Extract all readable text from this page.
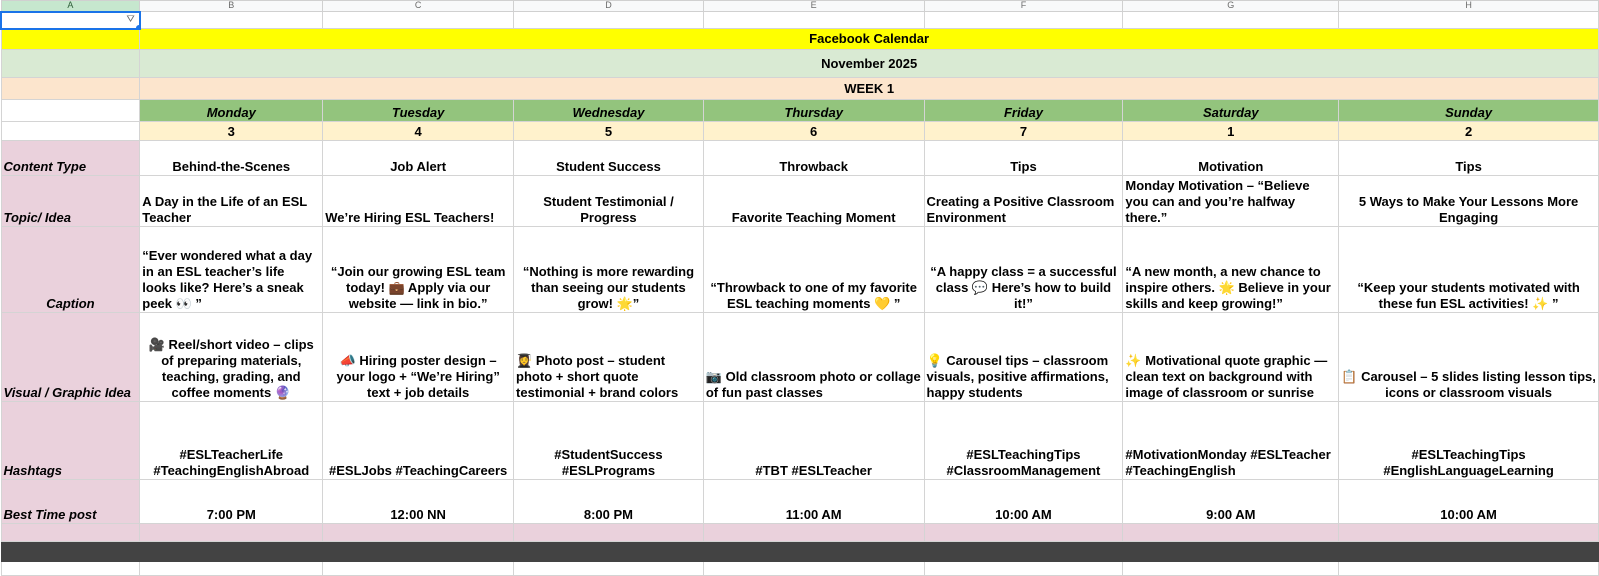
A	B	C	D	E	F	G	H

⛛							

	Facebook Calendar						
	November 2025						
	WEEK 1						
	Monday	Tuesday	Wednesday	Thursday	Friday	Saturday	Sunday
	3	4	5	6	7	1	2
Content Type	Behind-the-Scenes	Job Alert	Student Success	Throwback	Tips	Motivation	Tips
Topic/ Idea	A Day in the Life of an ESL Teacher	We’re Hiring ESL Teachers!	Student Testimonial / Progress	Favorite Teaching Moment	Creating a Positive Classroom Environment	Monday Motivation – “Believe you can and you’re halfway there.”	5 Ways to Make Your Lessons More Engaging
Caption	“Ever wondered what a day in an ESL teacher’s life looks like? Here’s a sneak peek 👀 ”	“Join our growing ESL team today! 💼 Apply via our website — link in bio.”	“Nothing is more rewarding than seeing our students grow! 🌟”	“Throwback to one of my favorite ESL teaching moments 💛 ”	“A happy class = a successful class 💬 Here’s how to build it!”	“A new month, a new chance to inspire others. 🌟 Believe in your skills and keep growing!”	“Keep your students motivated with these fun ESL activities! ✨ ”
Visual / Graphic Idea	🎥 Reel/short video – clips of preparing materials, teaching, grading, and coffee moments 🔮	📣 Hiring poster design – your logo + “We’re Hiring” text + job details	👩‍🎓 Photo post – student photo + short quote testimonial + brand colors	📷 Old classroom photo or collage of fun past classes	💡 Carousel tips – classroom visuals, positive affirmations, happy students	✨ Motivational quote graphic — clean text on background with image of classroom or sunrise	📋 Carousel – 5 slides listing lesson tips, icons or classroom visuals
Hashtags	#ESLTeacherLife #TeachingEnglishAbroad	#ESLJobs #TeachingCareers	#StudentSuccess #ESLPrograms	#TBT #ESLTeacher	#ESLTeachingTips #ClassroomManagement	#MotivationMonday #ESLTeacher #TeachingEnglish	#ESLTeachingTips #EnglishLanguageLearning
Best Time post	7:00 PM	12:00 NN	8:00 PM	11:00 AM	10:00 AM	9:00 AM	10:00 AM
